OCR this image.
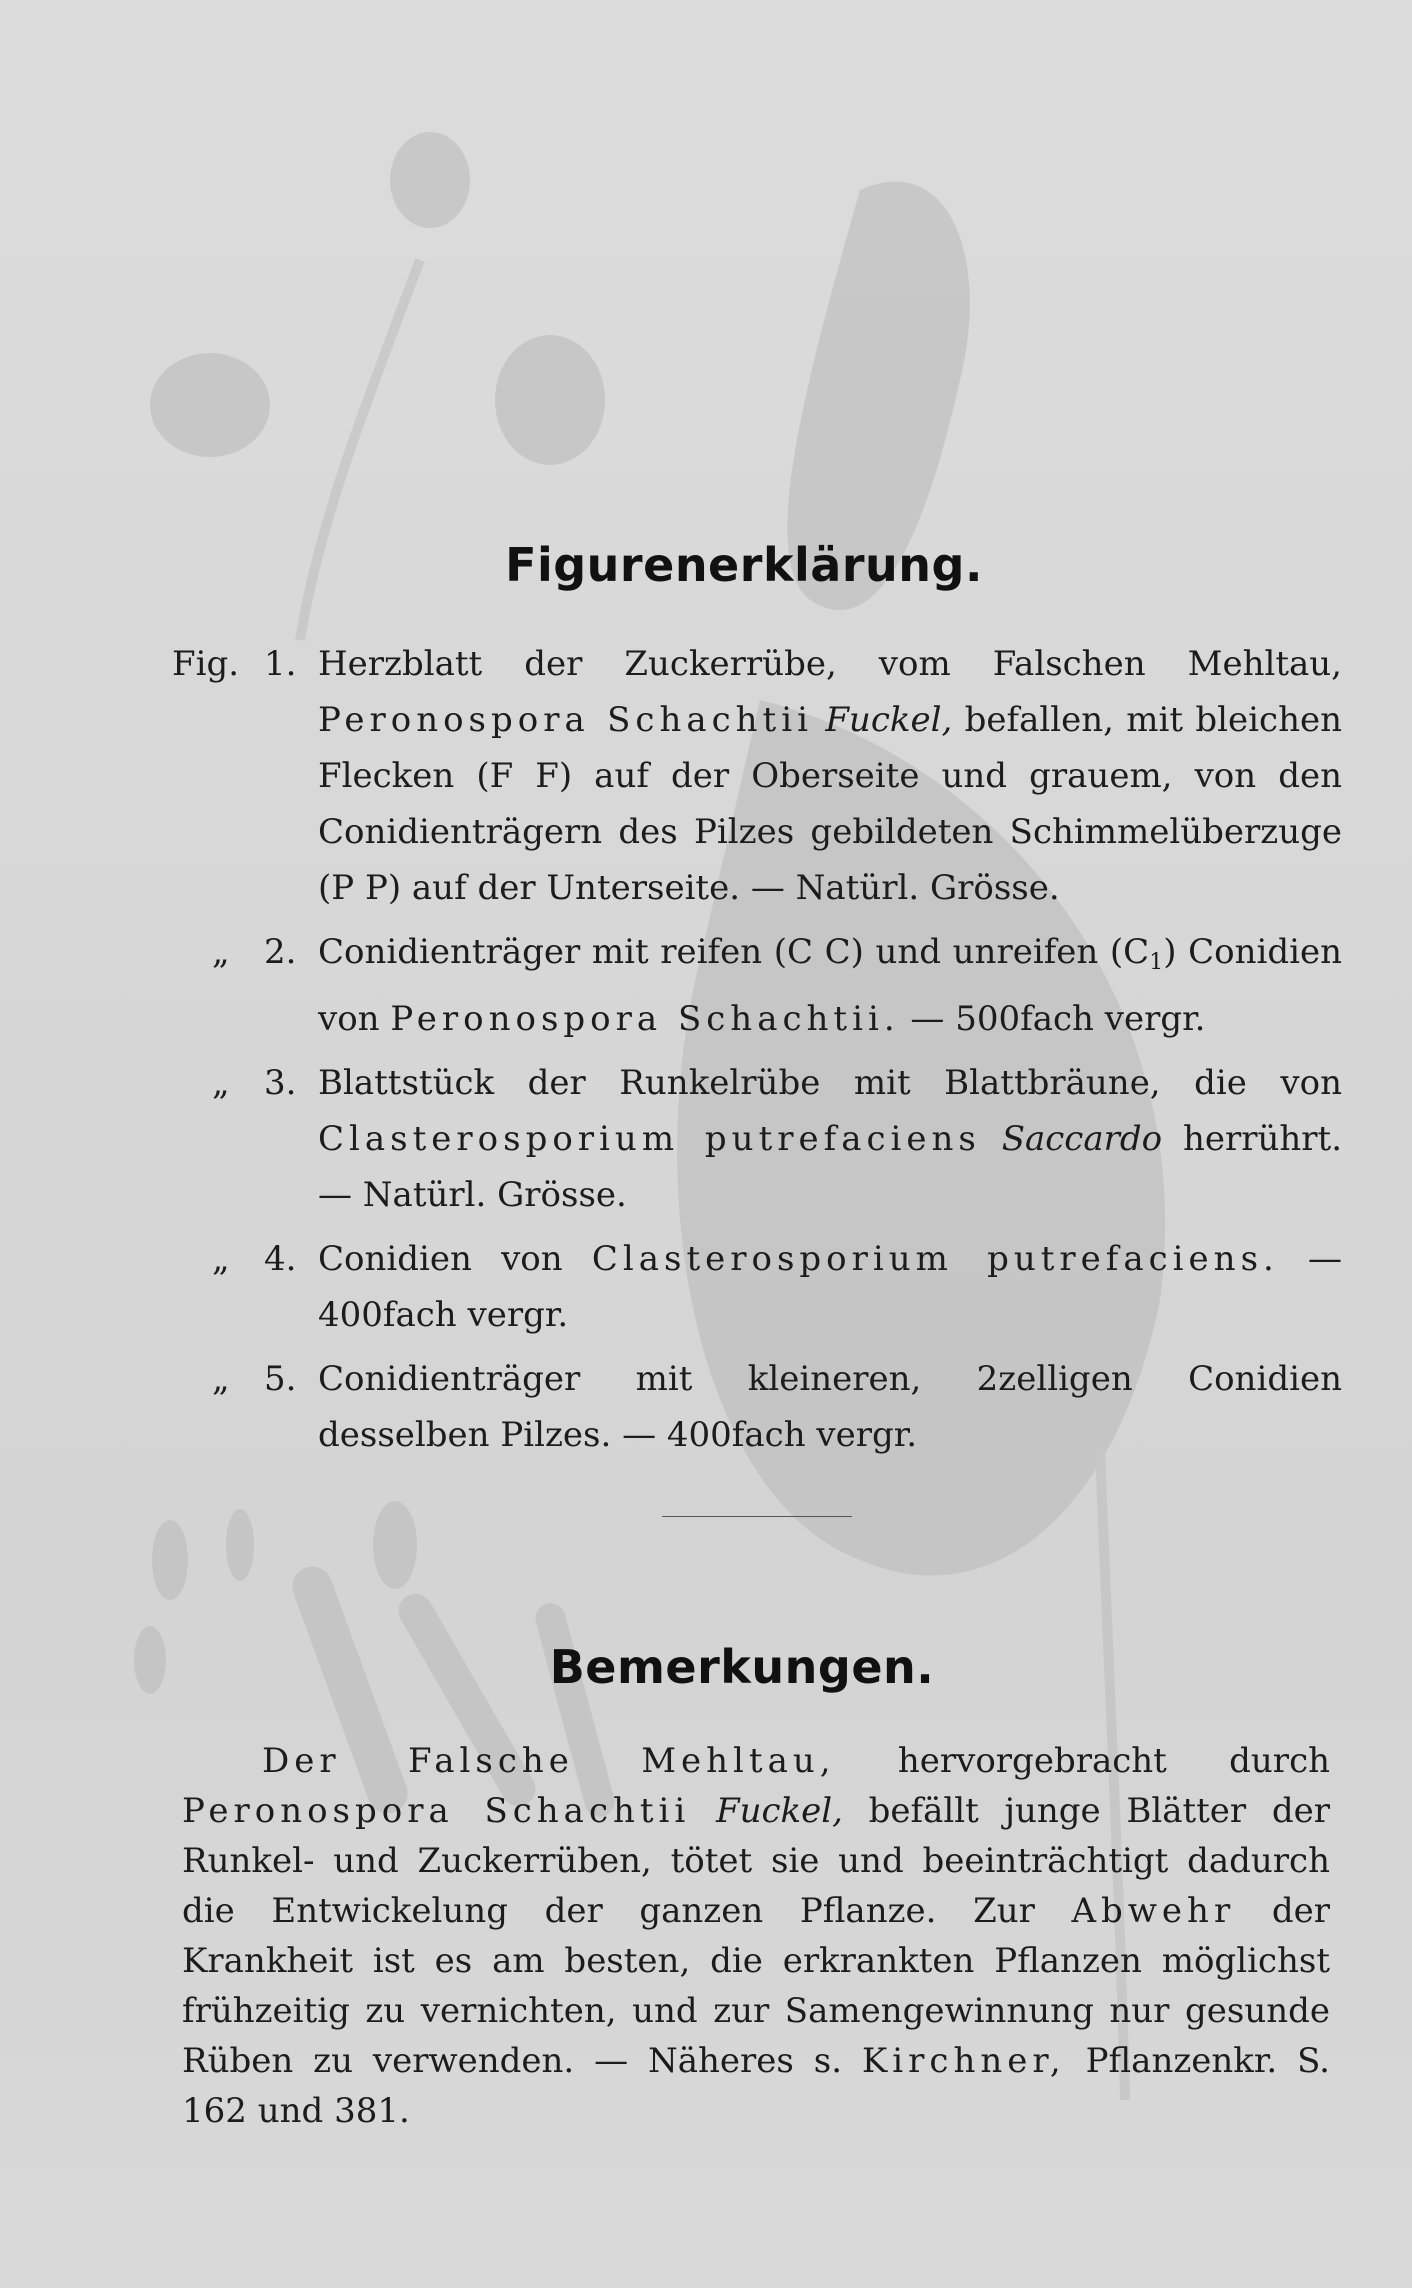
Figurenerklärung.
Fig. 1. Herzblatt der Zuckerrübe, vom Falschen Mehltau, Peronospora Schachtii Fuckel, befallen, mit bleichen Flecken (F F) auf der Oberseite und grauem, von den Conidienträgern des Pilzes gebildeten Schimmelüberzuge (P P) auf der Unterseite. — Natürl. Grösse.
„ 2. Conidienträger mit reifen (C C) und unreifen $(C_1)$ Conidien von Peronospora Schachtii. — 500fach vergr.
„ 3. Blattstück der Runkelrübe mit Blattbräune, die von Clasterosporium putrefaciens Saccardo herrührt. — Natürl. Grösse.
„ 4. Conidien von Clasterosporium putrefaciens. — 400fach vergr.
„ 5. Conidienträger mit kleineren, 2zelligen Conidien desselben Pilzes. — 400fach vergr.
Bemerkungen.
Der Falsche Mehltau, hervorgebracht durch Peronospora Schachtii Fuckel, befällt junge Blätter der Runkel- und Zuckerrüben, tötet sie und beeinträchtigt dadurch die Entwickelung der ganzen Pflanze. Zur Abwehr der Krankheit ist es am besten, die erkrankten Pflanzen möglichst frühzeitig zu vernichten, und zur Samengewinnung nur gesunde Rüben zu verwenden. — Näheres s. Kirchner, Pflanzenkr. S. 162 und 381.
